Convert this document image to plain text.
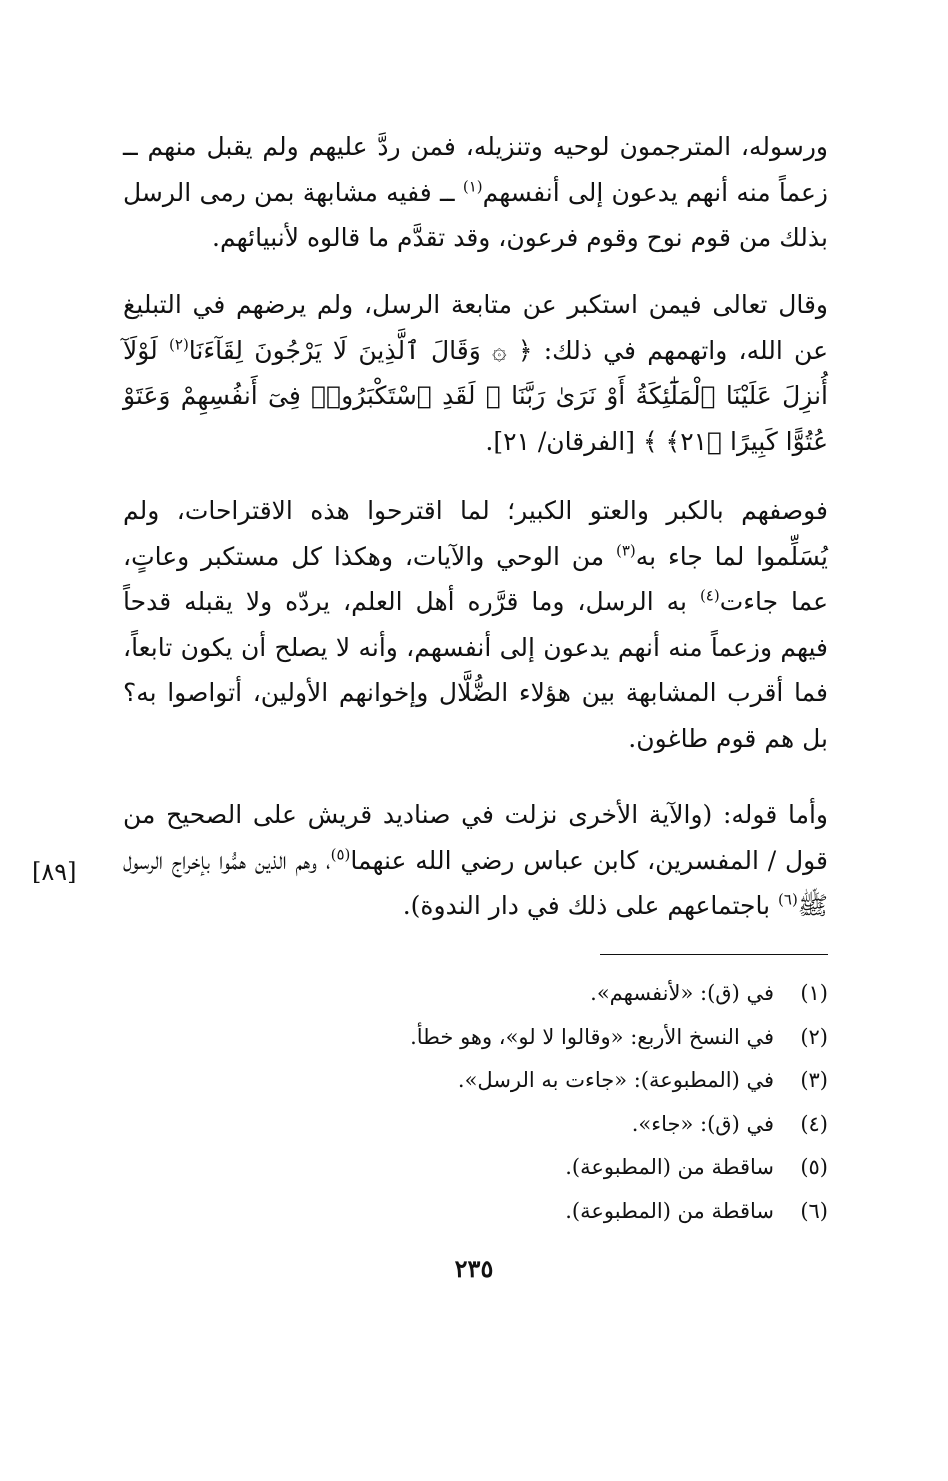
ورسوله، المترجمون لوحيه وتنزيله، فمن ردَّ عليهم ولم يقبل منهم ــ زعماً منه أنهم يدعون إلى أنفسهم$^{(١)}$ ــ ففيه مشابهة بمن رمى الرسل بذلك من قوم نوح وقوم فرعون، وقد تقدَّم ما قالوه لأنبيائهم.

وقال تعالى فيمن استكبر عن متابعة الرسل، ولم يرضهم في التبليغ عن الله، واتهمهم في ذلك: ﴿ ۞ وَقَالَ ٱلَّذِينَ لَا يَرْجُونَ لِقَآءَنَا$^{(٢)}$ لَوْلَآ أُنزِلَ عَلَيْنَا ٱلْمَلَٰٓئِكَةُ أَوْ نَرَىٰ رَبَّنَا ۗ لَقَدِ ٱسْتَكْبَرُوا۟ فِىٓ أَنفُسِهِمْ وَعَتَوْ عُتُوًّا كَبِيرًا ﴿٢١﴾ ﴾ [الفرقان/ ٢١].

فوصفهم بالكبر والعتو الكبير؛ لما اقترحوا هذه الاقتراحات، ولم يُسَلِّموا لما جاء به$^{(٣)}$ من الوحي والآيات، وهكذا كل مستكبر وعاتٍ، عما جاءت$^{(٤)}$ به الرسل، وما قرَّره أهل العلم، يردّه ولا يقبله قدحاً فيهم وزعماً منه أنهم يدعون إلى أنفسهم، وأنه لا يصلح أن يكون تابعاً، فما أقرب المشابهة بين هؤلاء الضُّلَّال وإخوانهم الأولين، أتواصوا به؟ بل هم قوم طاغون.

وأما قوله: (والآية الأخرى نزلت في صناديد قريش على الصحيح من قول / المفسرين، كابن عباس رضي الله عنهما$^{(٥)}$، وهم الذين همُّوا بإخراج الرسول ﷺ$^{(٦)}$ باجتماعهم على ذلك في دار الندوة).

[٨٩]
(١)في (ق): «لأنفسهم».
(٢)في النسخ الأربع: «وقالوا لا لو»، وهو خطأ.
(٣)في (المطبوعة): «جاءت به الرسل».
(٤)في (ق): «جاء».
(٥)ساقطة من (المطبوعة).
(٦)ساقطة من (المطبوعة).
٢٣٥
